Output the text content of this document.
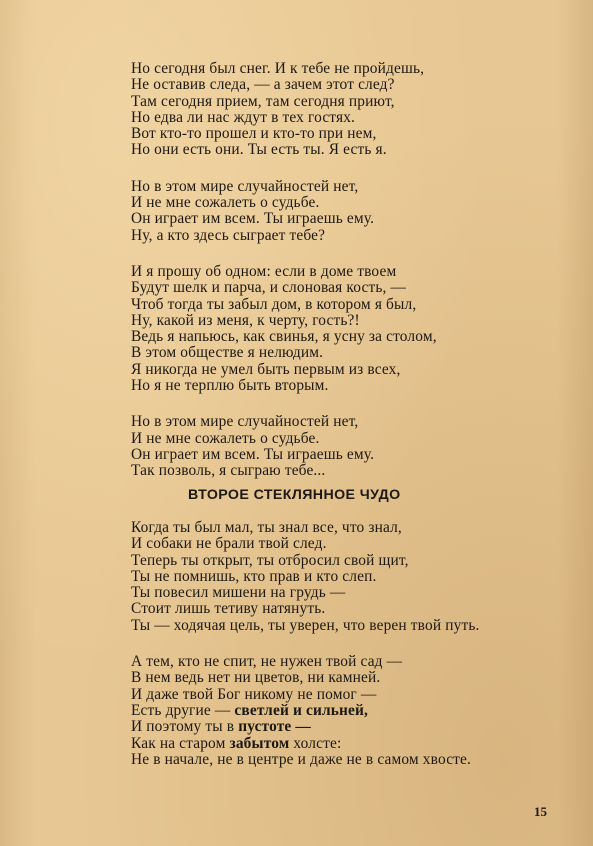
Но сегодня был снег. И к тебе не пройдешь,
Не оставив следа, — а зачем этот след?
Там сегодня прием, там сегодня приют,
Но едва ли нас ждут в тех гостях.
Вот кто-то прошел и кто-то при нем,
Но они есть они. Ты есть ты. Я есть я.
Но в этом мире случайностей нет,
И не мне сожалеть о судьбе.
Он играет им всем. Ты играешь ему.
Ну, а кто здесь сыграет тебе?
И я прошу об одном: если в доме твоем
Будут шелк и парча, и слоновая кость, —
Чтоб тогда ты забыл дом, в котором я был,
Ну, какой из меня, к черту, гость?!
Ведь я напьюсь, как свинья, я усну за столом,
В этом обществе я нелюдим.
Я никогда не умел быть первым из всех,
Но я не терплю быть вторым.
Но в этом мире случайностей нет,
И не мне сожалеть о судьбе.
Он играет им всем. Ты играешь ему.
Так позволь, я сыграю тебе...
ВТОРОЕ СТЕКЛЯННОЕ ЧУДО
Когда ты был мал, ты знал все, что знал,
И собаки не брали твой след.
Теперь ты открыт, ты отбросил свой щит,
Ты не помнишь, кто прав и кто слеп.
Ты повесил мишени на грудь —
Стоит лишь тетиву натянуть.
Ты — ходячая цель, ты уверен, что верен твой путь.
А тем, кто не спит, не нужен твой сад —
В нем ведь нет ни цветов, ни камней.
И даже твой Бог никому не помог —
Есть другие — светлей и сильней,
И поэтому ты в пустоте —
Как на старом забытом холсте:
Не в начале, не в центре и даже не в самом хвосте.
15
